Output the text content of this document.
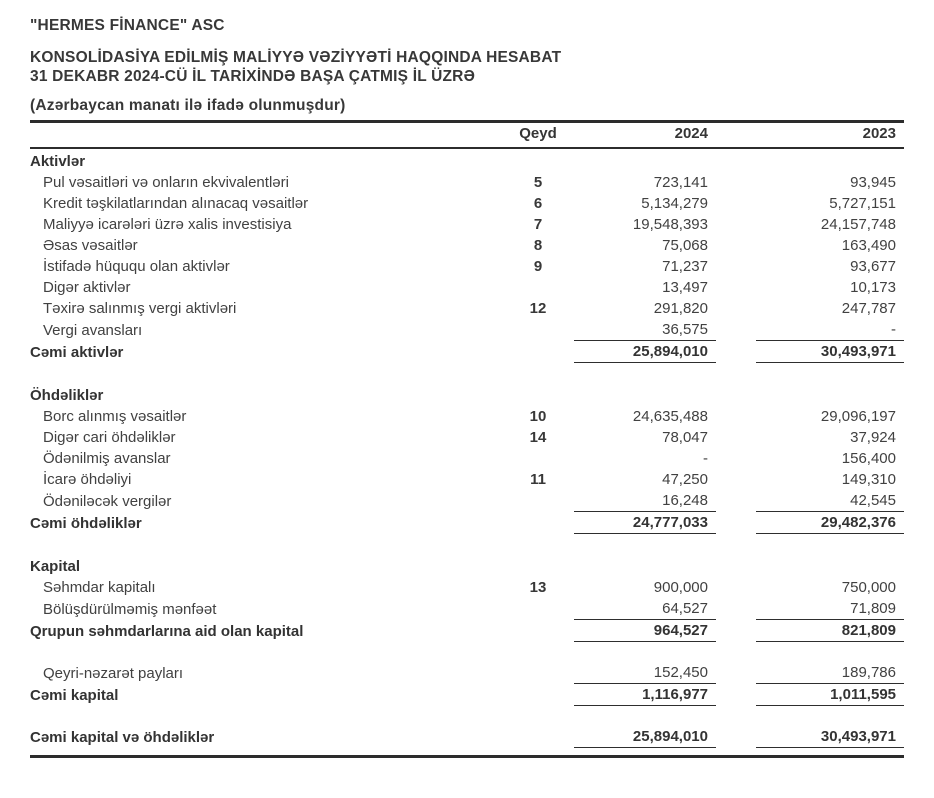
"HERMES FİNANCE" ASC
KONSOLİDASİYA EDİLMİŞ MALİYYƏ VƏZİYYƏTİ HAQQINDA HESABAT
31 DEKABR 2024-CÜ İL TARİXİNDƏ BAŞA ÇATMIŞ İL ÜZRƏ
(Azərbaycan manatı ilə ifadə olunmuşdur)
	Qeyd	2024		2023
Aktivlər				
Pul vəsaitləri və onların ekvivalentləri	5	723,141		93,945
Kredit təşkilatlarından alınacaq vəsaitlər	6	5,134,279		5,727,151
Maliyyə icarələri üzrə xalis investisiya	7	19,548,393		24,157,748
Əsas vəsaitlər	8	75,068		163,490
İstifadə hüququ olan aktivlər	9	71,237		93,677
Digər aktivlər		13,497		10,173
Təxirə salınmış vergi aktivləri	12	291,820		247,787
Vergi avansları		36,575		-
Cəmi aktivlər		25,894,010		30,493,971

Öhdəliklər				
Borc alınmış vəsaitlər	10	24,635,488		29,096,197
Digər cari öhdəliklər	14	78,047		37,924
Ödənilmiş avanslar		-		156,400
İcarə öhdəliyi	11	47,250		149,310
Ödəniləcək vergilər		16,248		42,545
Cəmi öhdəliklər		24,777,033		29,482,376

Kapital				
Səhmdar kapitalı	13	900,000		750,000
Bölüşdürülməmiş mənfəət		64,527		71,809
Qrupun səhmdarlarına aid olan kapital		964,527		821,809

Qeyri-nəzarət payları		152,450		189,786
Cəmi kapital		1,116,977		1,011,595

Cəmi kapital və öhdəliklər		25,894,010		30,493,971
